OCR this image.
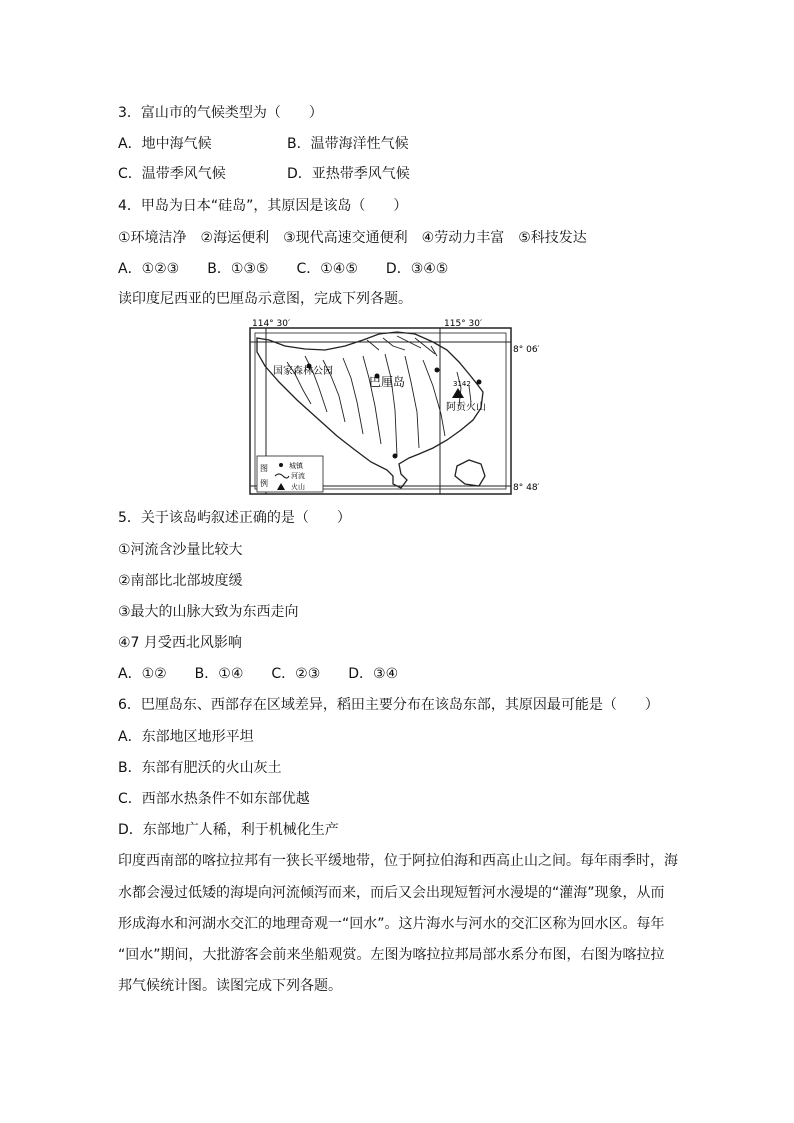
3．富山市的气候类型为（　　）
A．地中海气候	B．温带海洋性气候
C．温带季风气候	D．亚热带季风气候
4．甲岛为日本“硅岛”，其原因是该岛（　　）
①环境洁净　②海运便利　③现代高速交通便利　④劳动力丰富　⑤科技发达
A．①②③　　B．①③⑤　　C．①④⑤　　D．③④⑤
读印度尼西亚的巴厘岛示意图，完成下列各题。
114° 30′	115° 30′
8° 06′
8° 48′
国家森林公园
巴厘岛	3142
阿贡火山
图
例
城镇
河流
火山
5．关于该岛屿叙述正确的是（　　）
①河流含沙量比较大
②南部比北部坡度缓
③最大的山脉大致为东西走向
④7 月受西北风影响
A．①②　　B．①④　　C．②③　　D．③④
6．巴厘岛东、西部存在区域差异，稻田主要分布在该岛东部，其原因最可能是（　　）
A．东部地区地形平坦
B．东部有肥沃的火山灰土
C．西部水热条件不如东部优越
D．东部地广人稀，利于机械化生产
印度西南部的喀拉拉邦有一狭长平缓地带，位于阿拉伯海和西高止山之间。每年雨季时，海
水都会漫过低矮的海堤向河流倾泻而来，而后又会出现短暂河水漫堤的“灌海”现象，从而
形成海水和河湖水交汇的地理奇观一“回水”。这片海水与河水的交汇区称为回水区。每年
“回水”期间，大批游客会前来坐船观赏。左图为喀拉拉邦局部水系分布图，右图为喀拉拉
邦气候统计图。读图完成下列各题。
